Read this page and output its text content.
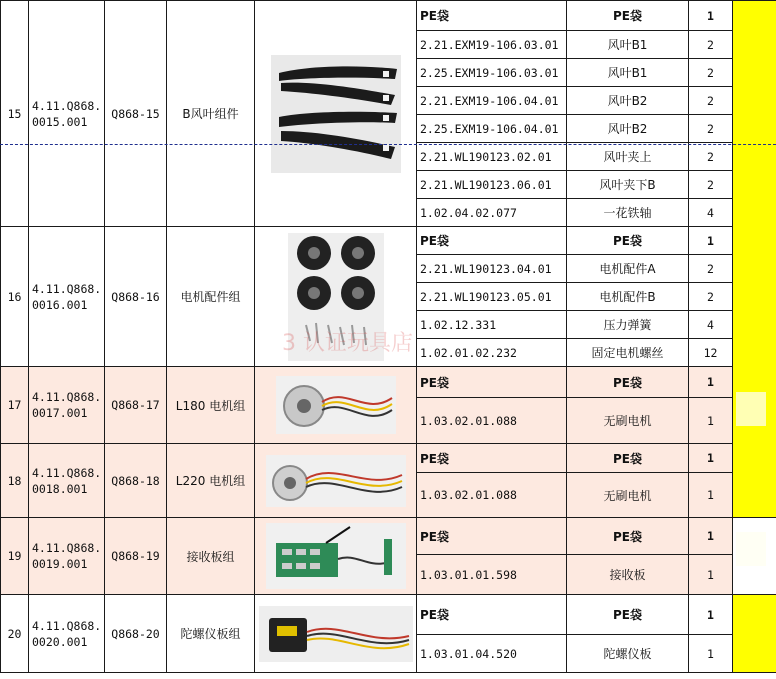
15	4.11.Q868.
0015.001	Q868-15	B风叶组件		PE袋	PE袋	1	
					2.21.EXM19-106.03.01	风叶B1	2	
					2.25.EXM19-106.03.01	风叶B1	2	
					2.21.EXM19-106.04.01	风叶B2	2	
					2.25.EXM19-106.04.01	风叶B2	2	
					2.21.WL190123.02.01	风叶夹上	2	
					2.21.WL190123.06.01	风叶夹下B	2	
					1.02.04.02.077	一花铁轴	4	
16	4.11.Q868.
0016.001	Q868-16	电机配件组		PE袋	PE袋	1	
					2.21.WL190123.04.01	电机配件A	2	
					2.21.WL190123.05.01	电机配件B	2	
					1.02.12.331	压力弹簧	4	
					1.02.01.02.232	固定电机螺丝	12	
17	4.11.Q868.
0017.001	Q868-17	L180 电机组		PE袋	PE袋	1	
					1.03.02.01.088	无刷电机	1	
18	4.11.Q868.
0018.001	Q868-18	L220 电机组		PE袋	PE袋	1	
					1.03.02.01.088	无刷电机	1	
19	4.11.Q868.
0019.001	Q868-19	接收板组		PE袋	PE袋	1	
					1.03.01.01.598	接收板	1	
20	4.11.Q868.
0020.001	Q868-20	陀螺仪板组		PE袋	PE袋	1	
					1.03.01.04.520	陀螺仪板	1	
3 认证玩具店
